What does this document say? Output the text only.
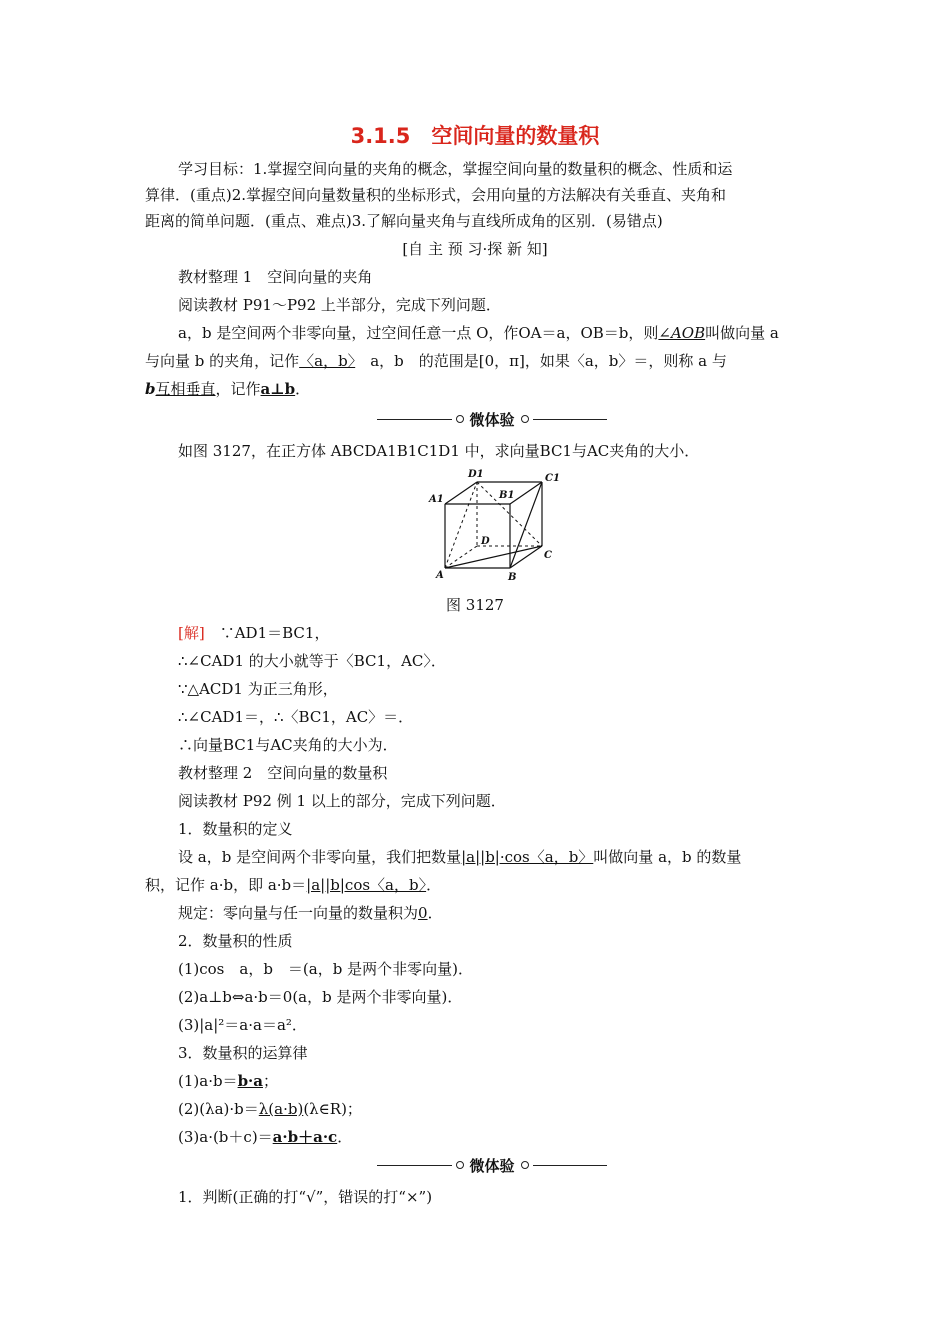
3.1.5　空间向量的数量积
学习目标：1.掌握空间向量的夹角的概念，掌握空间向量的数量积的概念、性质和运
算律．(重点)2.掌握空间向量数量积的坐标形式，会用向量的方法解决有关垂直、夹角和
距离的简单问题．(重点、难点)3.了解向量夹角与直线所成角的区别．(易错点)
[自 主 预 习·探 新 知]
教材整理 1　空间向量的夹角
阅读教材 P91～P92 上半部分，完成下列问题．
a，b 是空间两个非零向量，过空间任意一点 O，作OA＝a，OB＝b，则∠AOB叫做向量 a
与向量 b 的夹角，记作〈a，b〉　a，b　的范围是[0，π]，如果〈a，b〉＝，则称 a 与
b互相垂直，记作a⊥b．
微体验
如图 3127，在正方体 ABCDA1B1C1D1 中，求向量BC1与AC夹角的大小．
D1	C1
A1	B1
D
C
A	B
图 3127
[解]　∵AD1＝BC1，
∴∠CAD1 的大小就等于〈BC1，AC〉．
∵△ACD1 为正三角形，
∴∠CAD1＝，∴〈BC1，AC〉＝．
∴向量BC1与AC夹角的大小为．
教材整理 2　空间向量的数量积
阅读教材 P92 例 1 以上的部分，完成下列问题．
1．数量积的定义
设 a，b 是空间两个非零向量，我们把数量|a||b|·cos〈a，b〉叫做向量 a，b 的数量
积，记作 a·b，即 a·b＝|a||b|cos〈a，b〉．
规定：零向量与任一向量的数量积为0．
2．数量积的性质
(1)cos　a，b　＝(a，b 是两个非零向量)．
(2)a⊥b⇔a·b＝0(a，b 是两个非零向量)．
(3)|a|²＝a·a＝a²．
3．数量积的运算律
(1)a·b＝b·a；
(2)(λa)·b＝λ(a·b)(λ∈R)；
(3)a·(b＋c)＝a·b＋a·c．
微体验
1．判断(正确的打“√”，错误的打“×”)
